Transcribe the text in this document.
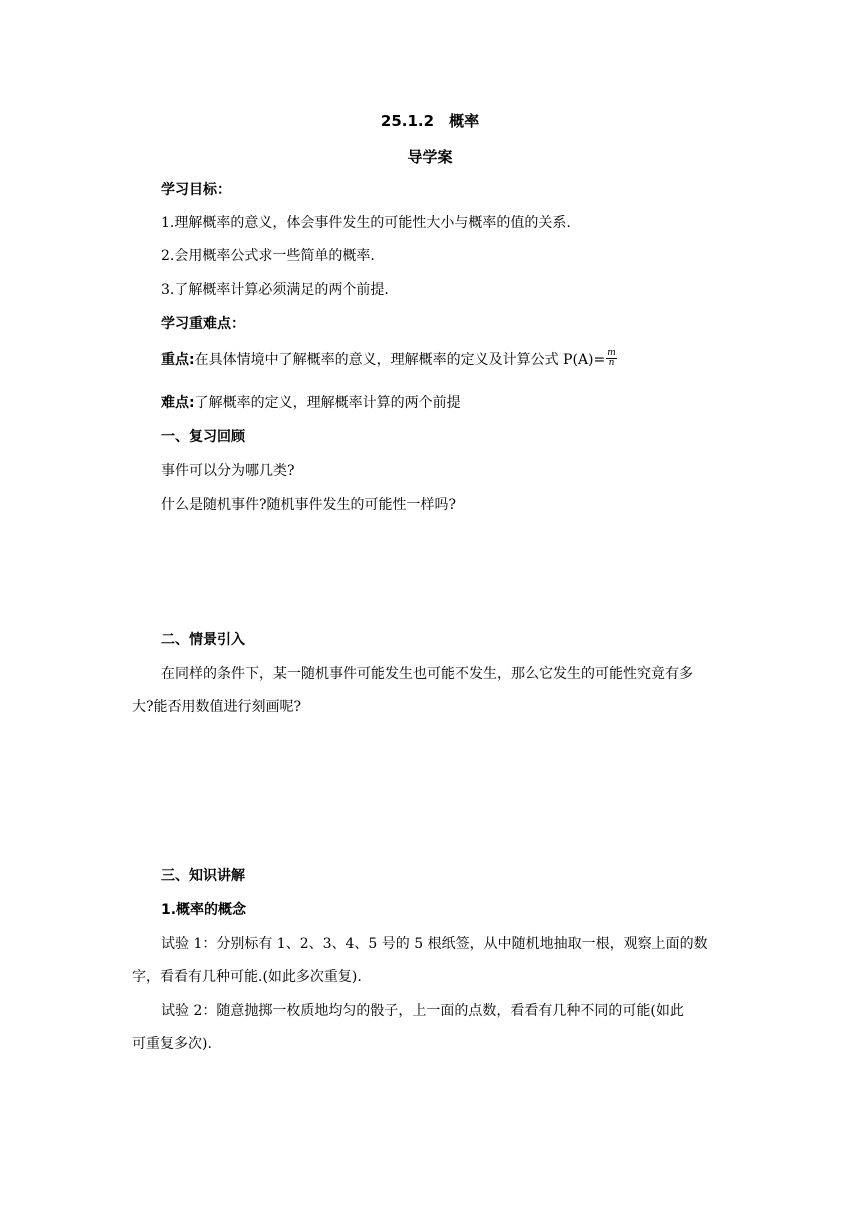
25.1.2　概率
导学案
学习目标：
1.理解概率的意义，体会事件发生的可能性大小与概率的值的关系.
2.会用概率公式求一些简单的概率.
3.了解概率计算必须满足的两个前提.
学习重难点：
重点:在具体情境中了解概率的意义，理解概率的定义及计算公式 $P(A)= \frac{m}{n}$
难点:了解概率的定义，理解概率计算的两个前提
一、复习回顾
事件可以分为哪几类?
什么是随机事件?随机事件发生的可能性一样吗?
二、情景引入
在同样的条件下，某一随机事件可能发生也可能不发生，那么它发生的可能性究竟有多
大?能否用数值进行刻画呢?
三、知识讲解
1.概率的概念
试验 1：分别标有 1、2、3、4、5 号的 5 根纸签，从中随机地抽取一根，观察上面的数
字，看看有几种可能.(如此多次重复).
试验 2：随意抛掷一枚质地均匀的骰子，上一面的点数，看看有几种不同的可能(如此
可重复多次).
